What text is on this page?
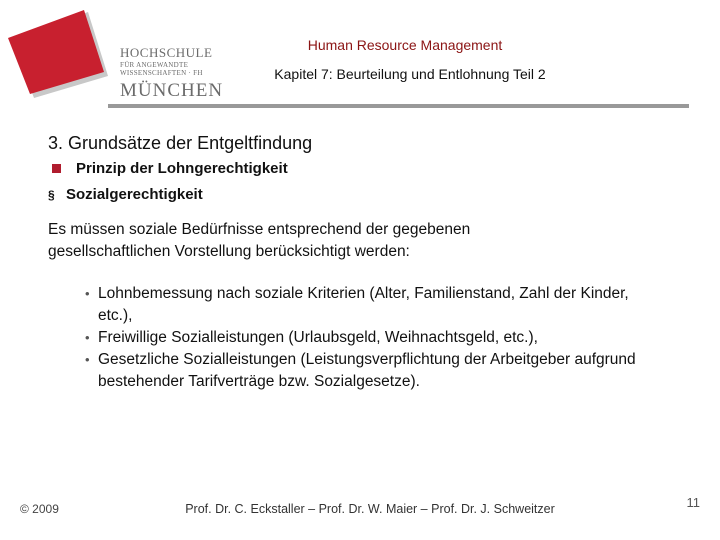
HOCHSCHULE
FÜR ANGEWANDTE
WISSENSCHAFTEN · FH
MÜNCHEN
Human Resource Management
Kapitel 7: Beurteilung und Entlohnung Teil 2
3. Grundsätze der Entgeltfindung
Prinzip der Lohngerechtigkeit
§ Sozialgerechtigkeit
Es müssen soziale Bedürfnisse entsprechend der gegebenen
gesellschaftlichen Vorstellung berücksichtigt werden:
• Lohnbemessung nach soziale Kriterien (Alter, Familienstand, Zahl der Kinder, etc.),
• Freiwillige Sozialleistungen (Urlaubsgeld, Weihnachtsgeld, etc.),
• Gesetzliche Sozialleistungen (Leistungsverpflichtung der Arbeitgeber aufgrund bestehender Tarifverträge bzw. Sozialgesetze).
© 2009	Prof. Dr. C. Eckstaller – Prof. Dr. W. Maier – Prof. Dr. J. Schweitzer	11
